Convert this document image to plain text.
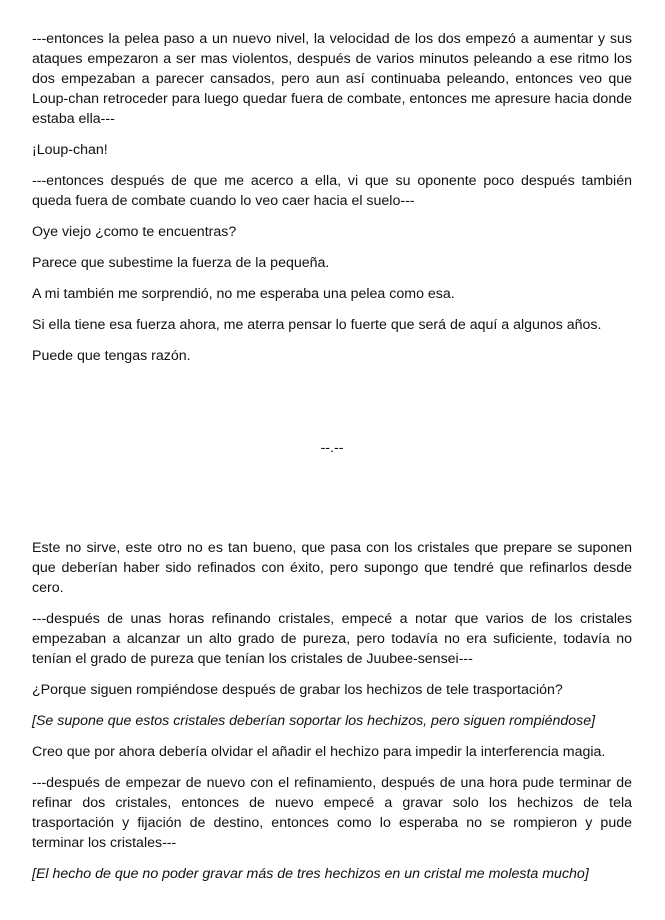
---entonces la pelea paso a un nuevo nivel, la velocidad de los dos empezó a aumentar y sus ataques empezaron a ser mas violentos, después de varios minutos peleando a ese ritmo los dos empezaban a parecer cansados, pero aun así continuaba peleando, entonces veo que Loup-chan retroceder para luego quedar fuera de combate, entonces me apresure hacia donde estaba ella---

¡Loup-chan!

---entonces después de que me acerco a ella, vi que su oponente poco después también queda fuera de combate cuando lo veo caer hacia el suelo---

Oye viejo ¿como te encuentras?

Parece que subestime la fuerza de la pequeña.

A mi también me sorprendió, no me esperaba una pelea como esa.

Si ella tiene esa fuerza ahora, me aterra pensar lo fuerte que será de aquí a algunos años.

Puede que tengas razón.

--.--

Este no sirve, este otro no es tan bueno, que pasa con los cristales que prepare se suponen que deberían haber sido refinados con éxito, pero supongo que tendré que refinarlos desde cero.

---después de unas horas refinando cristales, empecé a notar que varios de los cristales empezaban a alcanzar un alto grado de pureza, pero todavía no era suficiente, todavía no tenían el grado de pureza que tenían los cristales de Juubee-sensei---

¿Porque siguen rompiéndose después de grabar los hechizos de tele trasportación?

[Se supone que estos cristales deberían soportar los hechizos, pero siguen rompiéndose]

Creo que por ahora debería olvidar el añadir el hechizo para impedir la interferencia magia.

---después de empezar de nuevo con el refinamiento, después de una hora pude terminar de refinar dos cristales, entonces de nuevo empecé a gravar solo los hechizos de tela trasportación y fijación de destino, entonces como lo esperaba no se rompieron y pude terminar los cristales---

[El hecho de que no poder gravar más de tres hechizos en un cristal me molesta mucho]
